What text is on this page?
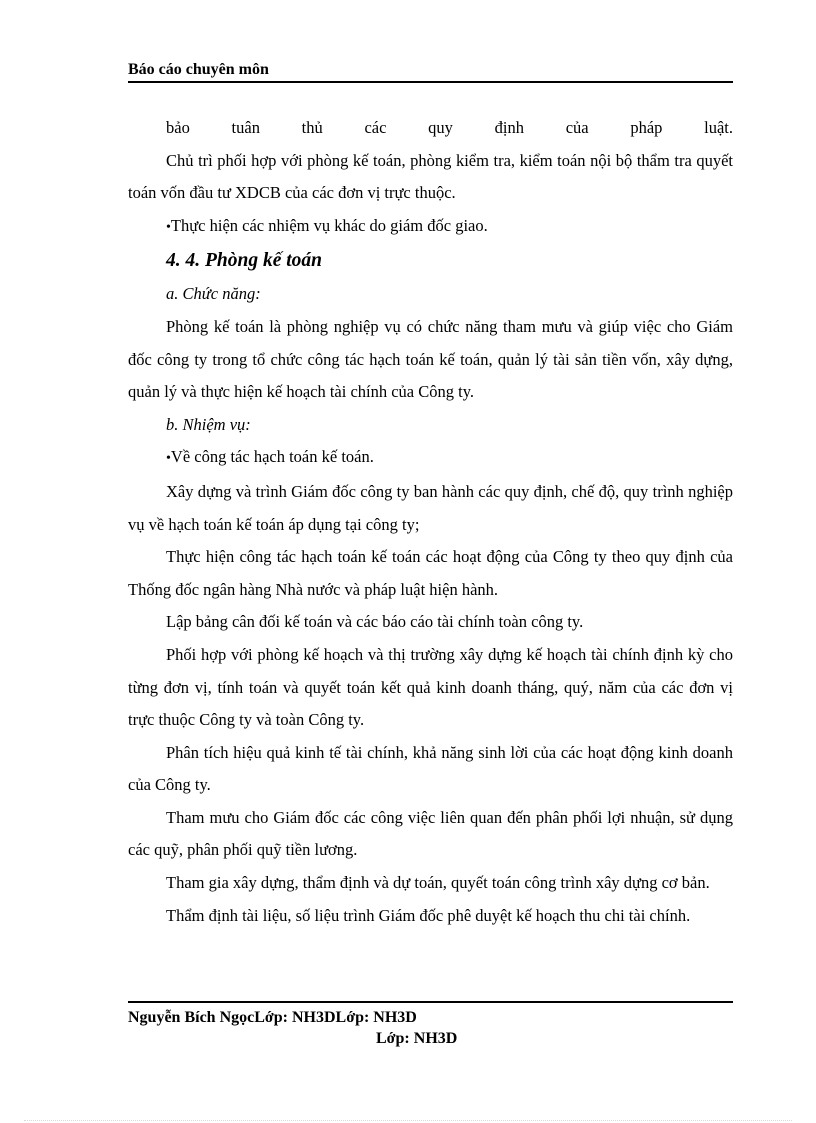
Báo cáo chuyên môn

bảo tuân thủ các quy định của pháp luật.

Chủ trì phối hợp với phòng kế toán, phòng kiểm tra, kiểm toán nội bộ thẩm tra quyết toán vốn đầu tư XDCB của các đơn vị trực thuộc.

•Thực hiện các nhiệm vụ khác do giám đốc giao.

4. 4. Phòng kế toán

a. Chức năng:

Phòng kế toán là phòng nghiệp vụ có chức năng tham mưu và giúp việc cho Giám đốc công ty trong tổ chức công tác hạch toán kế toán, quản lý tài sản tiền vốn, xây dựng, quản lý và thực hiện kế hoạch tài chính của Công ty.

b. Nhiệm vụ:

•Về công tác hạch toán kế toán.

Xây dựng và trình Giám đốc công ty ban hành các quy định, chế độ, quy trình nghiệp vụ về hạch toán kế toán áp dụng tại công ty;

Thực hiện công tác hạch toán kế toán các hoạt động của Công ty theo quy định của Thống đốc ngân hàng Nhà nước và pháp luật hiện hành.

Lập bảng cân đối kế toán và các báo cáo tài chính toàn công ty.

Phối hợp với phòng kế hoạch và thị trường xây dựng kế hoạch tài chính định kỳ cho từng đơn vị, tính toán và quyết toán kết quả kinh doanh tháng, quý, năm của các đơn vị trực thuộc Công ty và toàn Công ty.

Phân tích hiệu quả kinh tế tài chính, khả năng sinh lời của các hoạt động kinh doanh của Công ty.

Tham mưu cho Giám đốc các công việc liên quan đến phân phối lợi nhuận, sử dụng các quỹ, phân phối quỹ tiền lương.

Tham gia xây dựng, thẩm định và dự toán, quyết toán công trình xây dựng cơ bản.

Thẩm định tài liệu, số liệu trình Giám đốc phê duyệt kế hoạch thu chi tài chính.

Nguyễn Bích NgọcLớp: NH3DLớp: NH3D
Lớp: NH3D
